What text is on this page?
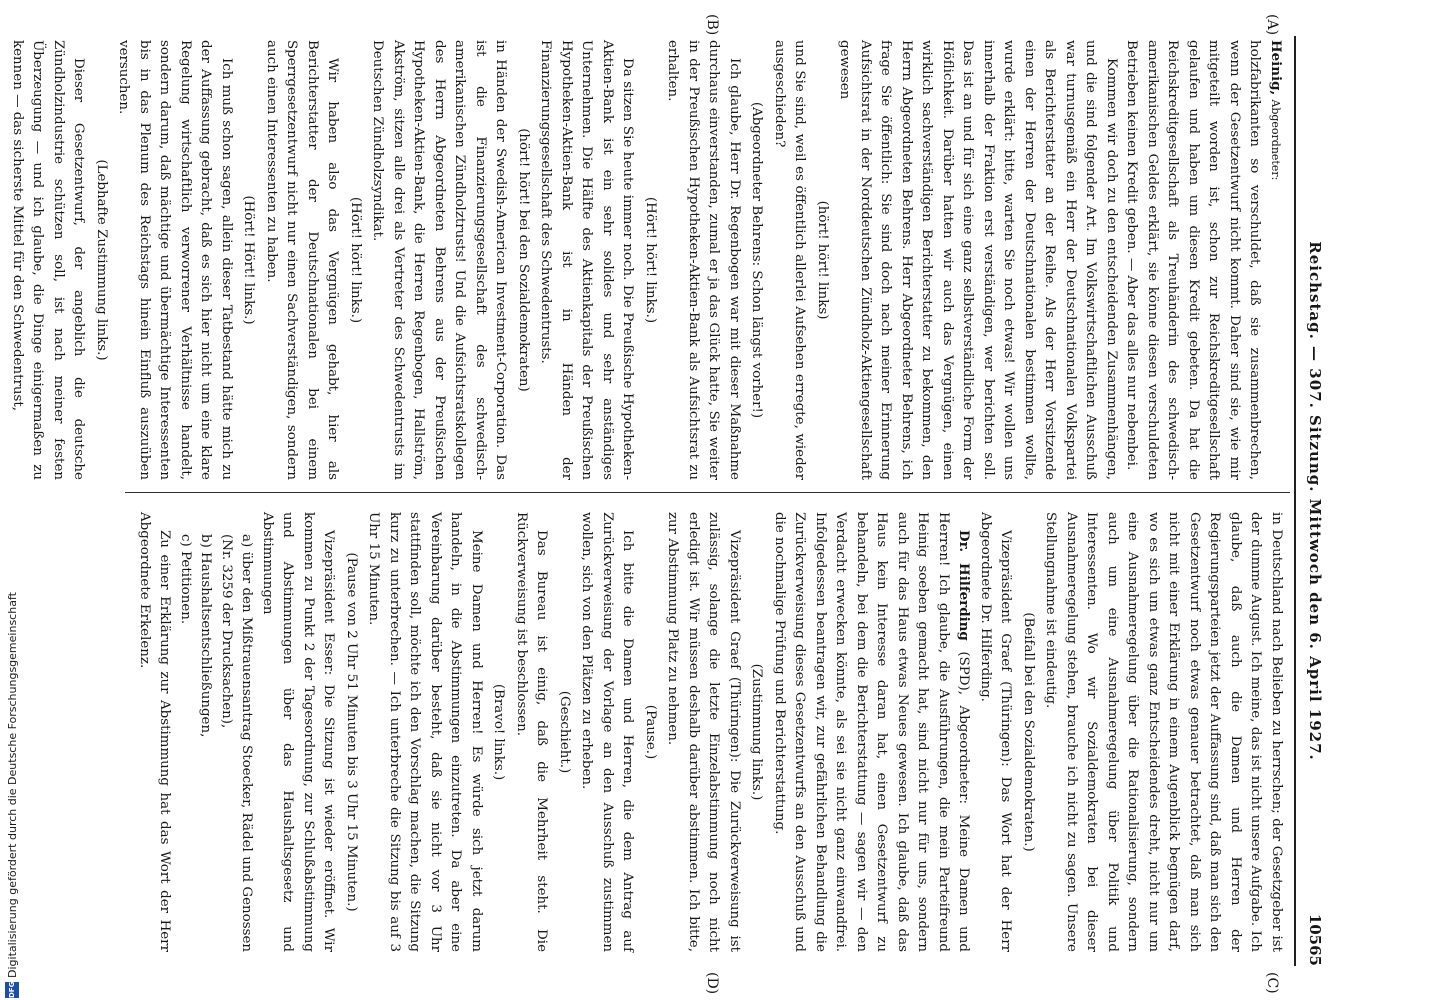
Reichstag. — 307. Sitzung. Mittwoch den 6. April 1927.
10565
(A)
(B)
(C)
(D)

Heinig, Abgeordneter:

holzfabrikanten so verschuldet, daß sie zusammenbrechen, wenn der Gesetzentwurf nicht kommt. Daher sind sie, wie mir mitgeteilt worden ist, schon zur Reichskreditgesellschaft gelaufen und haben um diesen Kredit gebeten. Da hat die Reichskreditgesellschaft als Treuhänderin des schwedisch-amerikanischen Geldes erklärt, sie könne diesen verschuldeten Betrieben keinen Kredit geben. — Aber das alles nur nebenbei.

Kommen wir doch zu den entscheidenden Zusammenhängen, und die sind folgender Art. Im Volkswirtschaftlichen Ausschuß war turnusgemäß ein Herr der Deutschnationalen Volkspartei als Berichterstatter an der Reihe. Als der Herr Vorsitzende einen der Herren der Deutschnationalen bestimmen wollte, wurde erklärt: bitte, warten Sie noch etwas! Wir wollen uns innerhalb der Fraktion erst verständigen, wer berichten soll. Das ist an und für sich eine ganz selbstverständliche Form der Höflichkeit. Darüber hatten wir auch das Vergnügen, einen wirklich sachverständigen Berichterstatter zu bekommen, den Herrn Abgeordneten Behrens. Herr Abgeordneter Behrens, ich frage Sie öffentlich: Sie sind doch nach meiner Erinnerung Aufsichtsrat in der Norddeutschen Zündholz-Aktiengesellschaft gewesen

(hört! hört! links)

und Sie sind, weil es öffentlich allerlei Aufsehen erregte, wieder ausgeschieden?

(Abgeordneter Behrens: Schon längst vorher!)

Ich glaube, Herr Dr. Regenbogen war mit dieser Maßnahme durchaus einverstanden, zumal er ja das Glück hatte, Sie weiter in der Preußischen Hypotheken-Aktien-Bank als Aufsichtsrat zu erhalten.

(Hört! hört! links.)

Da sitzen Sie heute immer noch. Die Preußische Hypotheken-Aktien-Bank ist ein sehr solides und sehr anständiges Unternehmen. Die Hälfte des Aktienkapitals der Preußischen Hypotheken-Aktien-Bank ist in Händen der Finanzierungsgesellschaft des Schwedentrusts.

(hört! hört! bei den Sozialdemokraten)

in Händen der Swedish-American Investment-Corporation. Das ist die Finanzierungsgesellschaft des schwedisch-amerikanischen Zündholztrusts! Und die Aufsichtsratskollegen des Herrn Abgeordneten Behrens aus der Preußischen Hypotheken-Aktien-Bank, die Herren Regenbogen, Hallström, Akström, sitzen alle drei als Vertreter des Schwedentrusts im Deutschen Zündholzsyndikat.

(Hört! hört! links.)

Wir haben also das Vergnügen gehabt, hier als Berichterstatter der Deutschnationalen bei einem Sperrgesetzentwurf nicht nur einen Sachverständigen, sondern auch einen Interessenten zu haben.

(Hört! Hört! links.)

Ich muß schon sagen, allein dieser Tatbestand hätte mich zu der Auffassung gebracht, daß es sich hier nicht um eine klare Regelung wirtschaftlich verworrener Verhältnisse handelt, sondern darum, daß mächtige und übermächtige Interessenten bis in das Plenum des Reichstags hinein Einfluß auszuüben versuchen.

(Lebhafte Zustimmung links.)

Dieser Gesetzentwurf, der angeblich die deutsche Zündholzindustrie schützen soll, ist nach meiner festen Überzeugung — und ich glaube, die Dinge einigermaßen zu kennen — das sicherste Mittel für den Schwedentrust,

in Deutschland nach Belieben zu herrschen; der Gesetzgeber ist der dumme August. Ich meine, das ist nicht unsere Aufgabe. Ich glaube, daß auch die Damen und Herren der Regierungsparteien jetzt der Auffassung sind, daß man sich den Gesetzentwurf noch etwas genauer betrachtet, daß man sich nicht mit einer Erklärung in einem Augenblick begnügen darf, wo es sich um etwas ganz Entscheidendes dreht, nicht nur um eine Ausnahmeregelung über die Rationalisierung, sondern auch um eine Ausnahmeregelung über Politik und Interessenten. Wo wir Sozialdemokraten bei dieser Ausnahmeregelung stehen, brauche ich nicht zu sagen. Unsere Stellungnahme ist eindeutig.

(Beifall bei den Sozialdemokraten.)

Vizepräsident Graef (Thüringen): Das Wort hat der Herr Abgeordnete Dr. Hilferding.

Dr. Hilferding (SPD), Abgeordneter: Meine Damen und Herren! Ich glaube, die Ausführungen, die mein Parteifreund Heinig soeben gemacht hat, sind nicht nur für uns, sondern auch für das Haus etwas Neues gewesen. Ich glaube, daß das Haus kein Interesse daran hat, einen Gesetzentwurf zu behandeln, bei dem die Berichterstattung — sagen wir — den Verdacht erwecken könnte, als sei sie nicht ganz einwandfrei. Infolgedessen beantragen wir, zur gefährlichen Behandlung die Zurückverweisung dieses Gesetzentwurfs an den Ausschuß und die nochmalige Prüfung und Berichterstattung.

(Zustimmung links.)

Vizepräsident Graef (Thüringen): Die Zurückverweisung ist zulässig, solange die letzte Einzelabstimmung noch nicht erledigt ist. Wir müssen deshalb darüber abstimmen. Ich bitte, zur Abstimmung Platz zu nehmen.

(Pause.)

Ich bitte die Damen und Herren, die dem Antrag auf Zurückverweisung der Vorlage an den Ausschuß zustimmen wollen, sich von den Plätzen zu erheben.

(Geschieht.)

Das Bureau ist einig, daß die Mehrheit steht. Die Rückverweisung ist beschlossen.

(Bravo! links.)

Meine Damen und Herren! Es würde sich jetzt darum handeln, in die Abstimmungen einzutreten. Da aber eine Vereinbarung darüber besteht, daß sie nicht vor 3 Uhr stattfinden soll, möchte ich den Vorschlag machen, die Sitzung kurz zu unterbrechen. — Ich unterbreche die Sitzung bis auf 3 Uhr 15 Minuten.

(Pause von 2 Uhr 51 Minuten bis 3 Uhr 15 Minuten.)

Vizepräsident Esser: Die Sitzung ist wieder eröffnet. Wir kommen zu Punkt 2 der Tagesordnung, zur Schlußabstimmung und Abstimmungen über das Haushaltsgesetz und Abstimmungen

a) über den Mißtrauensantrag Stoecker, Rädel und Genossen (Nr. 3259 der Drucksachen),

b) Haushaltsentschließungen,

c) Petitionen.

Zu einer Erklärung zur Abstimmung hat das Wort der Herr Abgeordnete Erkelenz.

DFG
Digitalisierung gefördert durch die Deutsche Forschungsgemeinschaft
